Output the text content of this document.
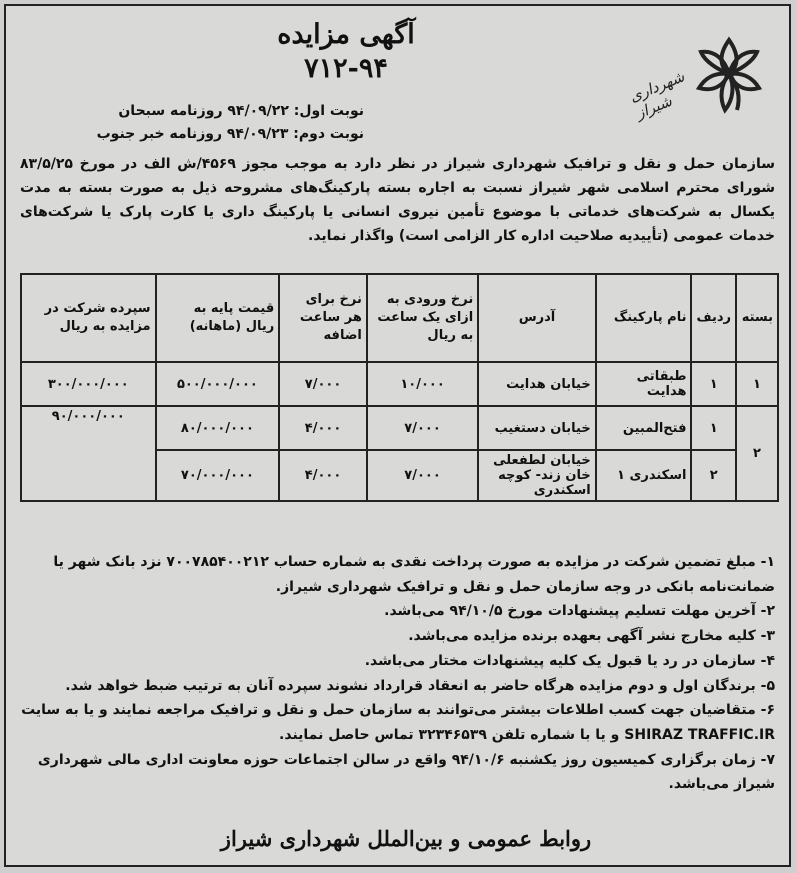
شهرداری شیراز
آگهی مزایده
۷۱۲-۹۴
نوبت اول: ۹۴/۰۹/۲۲ روزنامه سبحان
نوبت دوم: ۹۴/۰۹/۲۳ روزنامه خبر جنوب
سازمان حمل و نقل و ترافیک شهرداری شیراز در نظر دارد به موجب مجوز ۴۵۶۹/ش الف در مورخ ۸۳/۵/۲۵ شورای محترم اسلامی شهر شیراز نسبت به اجاره بسته پارکینگ‌های مشروحه ذیل به صورت بسته به مدت یکسال به شرکت‌های خدماتی با موضوع تأمین نیروی انسانی یا پارکینگ داری یا کارت پارک یا شرکت‌های خدمات عمومی (تأییدیه صلاحیت اداره کار الزامی است) واگذار نماید.
بسته	ردیف	نام پارکینگ	آدرس	نرخ ورودی به ازای یک ساعت به ریال	نرخ برای هر ساعت اضافه	قیمت پایه به ریال (ماهانه)	سپرده شرکت در مزایده به ریال
۱	۱	طبقاتی هدایت	خیابان هدایت	۱۰/۰۰۰	۷/۰۰۰	۵۰۰/۰۰۰/۰۰۰	۳۰۰/۰۰۰/۰۰۰
۲	۱	فتح‌المبین	خیابان دستغیب	۷/۰۰۰	۴/۰۰۰	۸۰/۰۰۰/۰۰۰	۹۰/۰۰۰/۰۰۰
	۲	اسکندری ۱	خیابان لطفعلی خان زند- کوچه اسکندری	۷/۰۰۰	۴/۰۰۰	۷۰/۰۰۰/۰۰۰	

۱- مبلغ تضمین شرکت در مزایده به صورت پرداخت نقدی به شماره حساب ۷۰۰۷۸۵۴۰۰۲۱۲ نزد بانک شهر یا ضمانت‌نامه بانکی در وجه سازمان حمل و نقل و ترافیک شهرداری شیراز.

۲- آخرین مهلت تسلیم پیشنهادات مورخ ۹۴/۱۰/۵ می‌باشد.

۳- کلیه مخارج نشر آگهی بعهده برنده مزایده می‌باشد.

۴- سازمان در رد یا قبول یک کلیه پیشنهادات مختار می‌باشد.

۵- برندگان اول و دوم مزایده هرگاه حاضر به انعقاد قرارداد نشوند سپرده آنان به ترتیب ضبط خواهد شد.

۶- متقاضیان جهت کسب اطلاعات بیشتر می‌توانند به سازمان حمل و نقل و ترافیک مراجعه نمایند و یا به سایت SHIRAZ TRAFFIC.IR و یا با شماره تلفن ۳۲۳۴۶۵۳۹ تماس حاصل نمایند.

۷- زمان برگزاری کمیسیون روز یکشنبه ۹۴/۱۰/۶ واقع در سالن اجتماعات حوزه معاونت اداری مالی شهرداری شیراز می‌باشد.

روابط عمومی و بین‌الملل شهرداری شیراز
